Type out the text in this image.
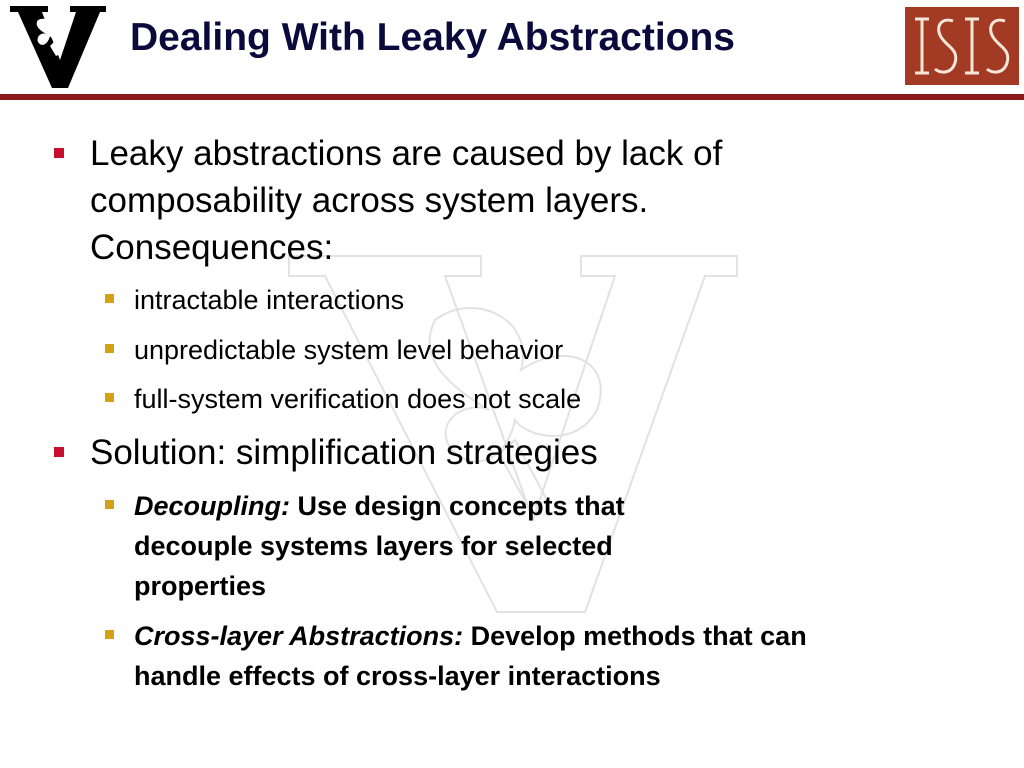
Dealing With Leaky Abstractions
Leaky abstractions are caused by lack of
composability across system layers.
Consequences:
intractable interactions
unpredictable system level behavior
full-system verification does not scale
Solution: simplification strategies
Decoupling: Use design concepts that
decouple systems layers for selected
properties
Cross-layer Abstractions: Develop methods that can
handle effects of cross-layer interactions
